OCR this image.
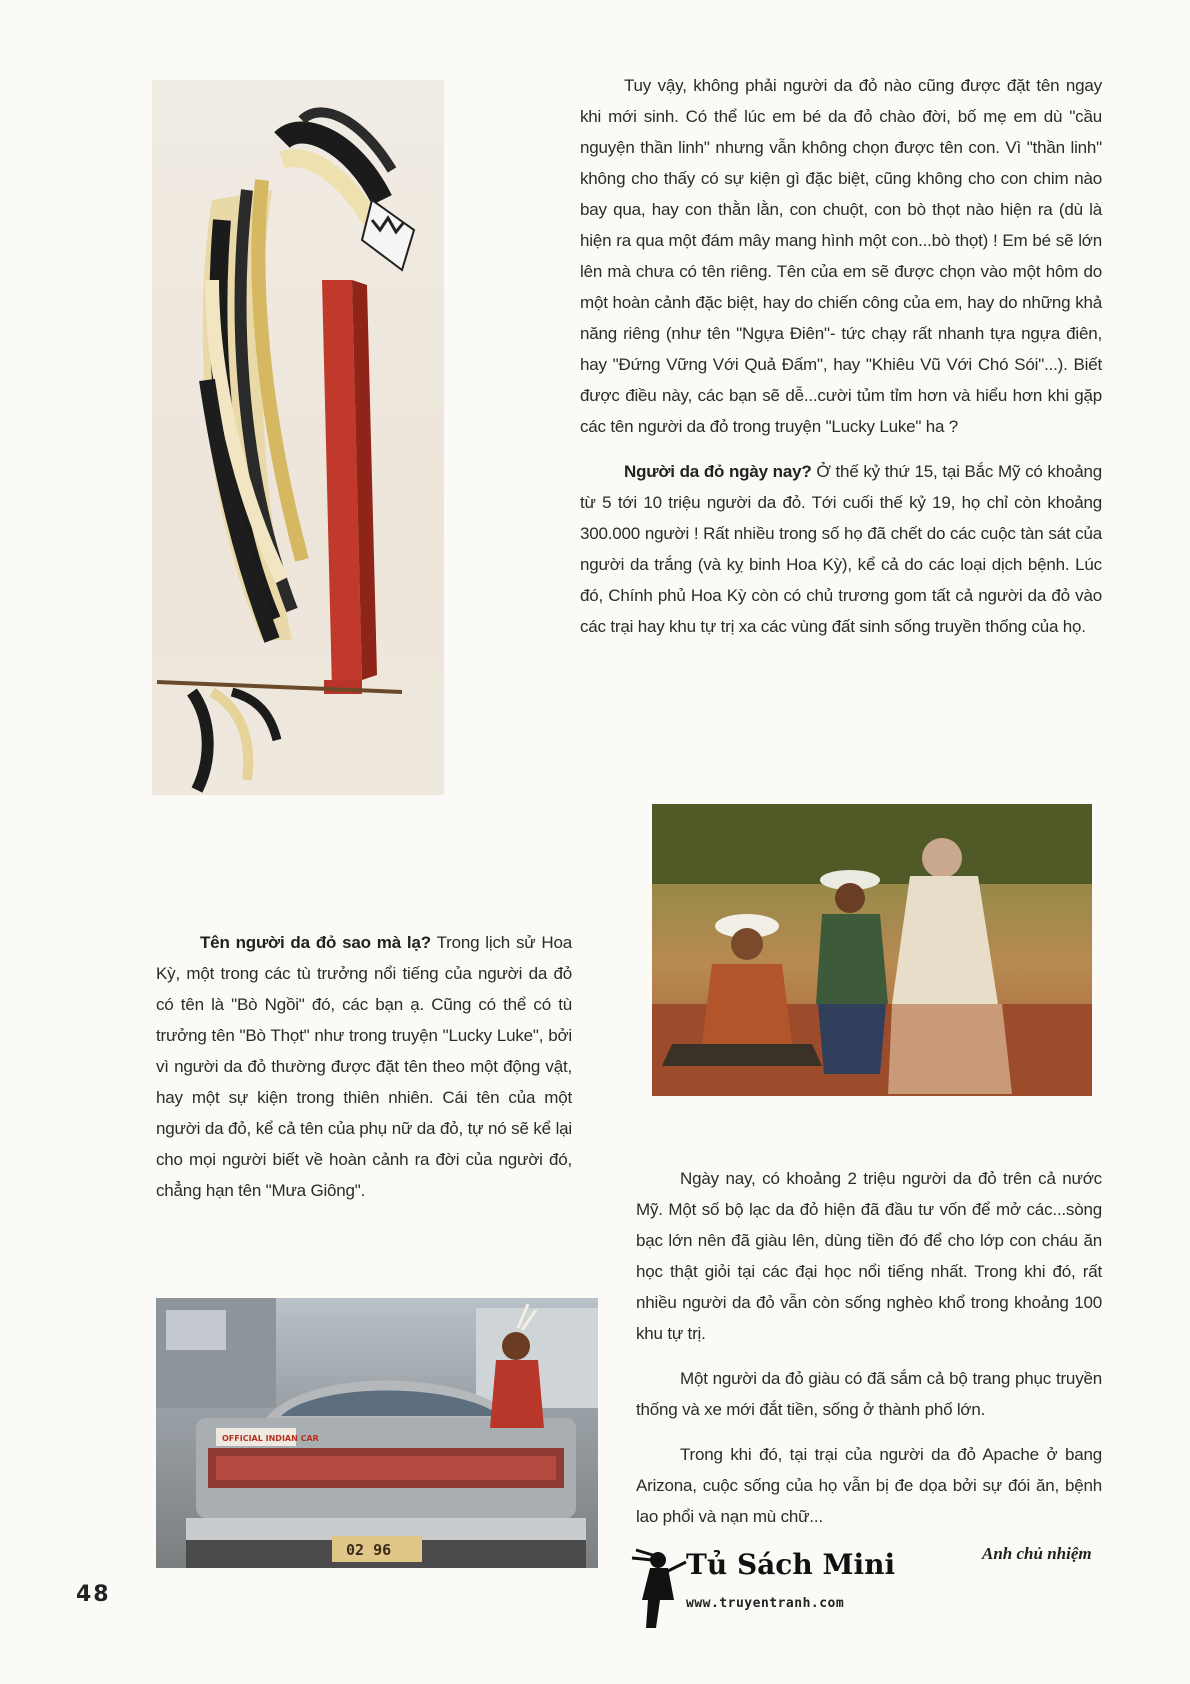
Tuy vậy, không phải người da đỏ nào cũng được đặt tên ngay khi mới sinh. Có thể lúc em bé da đỏ chào đời, bố mẹ em dù "cầu nguyện thần linh" nhưng vẫn không chọn được tên con. Vì "thần linh" không cho thấy có sự kiện gì đặc biệt, cũng không cho con chim nào bay qua, hay con thằn lằn, con chuột, con bò thọt nào hiện ra (dù là hiện ra qua một đám mây mang hình một con...bò thọt) ! Em bé sẽ lớn lên mà chưa có tên riêng. Tên của em sẽ được chọn vào một hôm do một hoàn cảnh đặc biệt, hay do chiến công của em, hay do những khả năng riêng (như tên "Ngựa Điên"- tức chạy rất nhanh tựa ngựa điên, hay "Đứng Vững Với Quả Đấm", hay "Khiêu Vũ Với Chó Sói"...). Biết được điều này, các bạn sẽ dễ...cười tủm tỉm hơn và hiểu hơn khi gặp các tên người da đỏ trong truyện "Lucky Luke" ha ?

Người da đỏ ngày nay? Ở thế kỷ thứ 15, tại Bắc Mỹ có khoảng từ 5 tới 10 triệu người da đỏ. Tới cuối thế kỷ 19, họ chỉ còn khoảng 300.000 người ! Rất nhiều trong số họ đã chết do các cuộc tàn sát của người da trắng (và kỵ binh Hoa Kỳ), kể cả do các loại dịch bệnh. Lúc đó, Chính phủ Hoa Kỳ còn có chủ trương gom tất cả người da đỏ vào các trại hay khu tự trị xa các vùng đất sinh sống truyền thống của họ.

Tên người da đỏ sao mà lạ? Trong lịch sử Hoa Kỳ, một trong các tù trưởng nổi tiếng của người da đỏ có tên là "Bò Ngồi" đó, các bạn ạ. Cũng có thể có tù trưởng tên "Bò Thọt" như trong truyện "Lucky Luke", bởi vì người da đỏ thường được đặt tên theo một động vật, hay một sự kiện trong thiên nhiên. Cái tên của một người da đỏ, kể cả tên của phụ nữ da đỏ, tự nó sẽ kể lại cho mọi người biết về hoàn cảnh ra đời của người đó, chẳng hạn tên "Mưa Giông".

Ngày nay, có khoảng 2 triệu người da đỏ trên cả nước Mỹ. Một số bộ lạc da đỏ hiện đã đầu tư vốn để mở các...sòng bạc lớn nên đã giàu lên, dùng tiền đó để cho lớp con cháu ăn học thật giỏi tại các đại học nổi tiếng nhất. Trong khi đó, rất nhiều người da đỏ vẫn còn sống nghèo khổ trong khoảng 100 khu tự trị.

Một người da đỏ giàu có đã sắm cả bộ trang phục truyền thống và xe mới đắt tiền, sống ở thành phố lớn.

Trong khi đó, tại trại của người da đỏ Apache ở bang Arizona, cuộc sống của họ vẫn bị đe dọa bởi sự đói ăn, bệnh lao phổi và nạn mù chữ...

OFFICIAL INDIAN CAR
02 96	Anh chủ nhiệm
Tủ Sách Mini
www.truyentranh.com
48
